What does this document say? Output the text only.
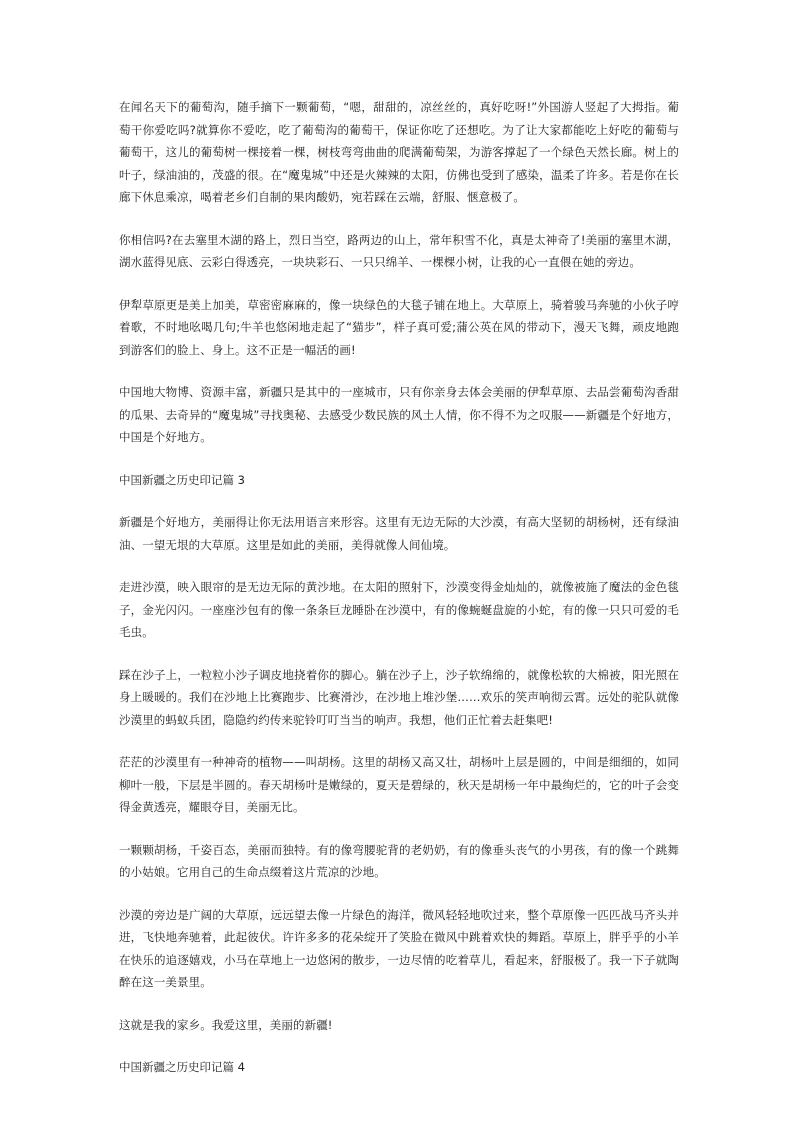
在闻名天下的葡萄沟，随手摘下一颗葡萄，“嗯，甜甜的，凉丝丝的，真好吃呀!”外国游人竖起了大拇指。葡萄干你爱吃吗?就算你不爱吃，吃了葡萄沟的葡萄干，保证你吃了还想吃。为了让大家都能吃上好吃的葡萄与葡萄干，这儿的葡萄树一棵接着一棵，树枝弯弯曲曲的爬满葡萄架，为游客撑起了一个绿色天然长廊。树上的叶子，绿油油的，茂盛的很。在“魔鬼城”中还是火辣辣的太阳，仿佛也受到了感染，温柔了许多。若是你在长廊下休息乘凉，喝着老乡们自制的果肉酸奶，宛若踩在云端，舒服、惬意极了。

你相信吗?在去塞里木湖的路上，烈日当空，路两边的山上，常年积雪不化，真是太神奇了!美丽的塞里木湖，湖水蓝得见底、云彩白得透亮，一块块彩石、一只只绵羊、一棵棵小树，让我的心一直偎在她的旁边。

伊犁草原更是美上加美，草密密麻麻的，像一块绿色的大毯子铺在地上。大草原上，骑着骏马奔驰的小伙子哼着歌，不时地吆喝几句;牛羊也悠闲地走起了“猫步”，样子真可爱;蒲公英在风的带动下，漫天飞舞，顽皮地跑到游客们的脸上、身上。这不正是一幅活的画!

中国地大物博、资源丰富，新疆只是其中的一座城市，只有你亲身去体会美丽的伊犁草原、去品尝葡萄沟香甜的瓜果、去奇异的“魔鬼城”寻找奥秘、去感受少数民族的风土人情，你不得不为之叹服——新疆是个好地方，中国是个好地方。

中国新疆之历史印记篇 3

新疆是个好地方，美丽得让你无法用语言来形容。这里有无边无际的大沙漠，有高大坚韧的胡杨树，还有绿油油、一望无垠的大草原。这里是如此的美丽，美得就像人间仙境。

走进沙漠，映入眼帘的是无边无际的黄沙地。在太阳的照射下，沙漠变得金灿灿的，就像被施了魔法的金色毯子，金光闪闪。一座座沙包有的像一条条巨龙睡卧在沙漠中，有的像蜿蜒盘旋的小蛇，有的像一只只可爱的毛毛虫。

踩在沙子上，一粒粒小沙子调皮地挠着你的脚心。躺在沙子上，沙子软绵绵的，就像松软的大棉被，阳光照在身上暖暖的。我们在沙地上比赛跑步、比赛滑沙，在沙地上堆沙堡……欢乐的笑声响彻云霄。远处的驼队就像沙漠里的蚂蚁兵团，隐隐约约传来驼铃叮叮当当的响声。我想，他们正忙着去赶集吧!

茫茫的沙漠里有一种神奇的植物——叫胡杨。这里的胡杨又高又壮，胡杨叶上层是圆的，中间是细细的，如同柳叶一般，下层是半圆的。春天胡杨叶是嫩绿的，夏天是碧绿的，秋天是胡杨一年中最绚烂的，它的叶子会变得金黄透亮，耀眼夺目，美丽无比。

一颗颗胡杨，千姿百态，美丽而独特。有的像弯腰驼背的老奶奶，有的像垂头丧气的小男孩，有的像一个跳舞的小姑娘。它用自己的生命点缀着这片荒凉的沙地。

沙漠的旁边是广阔的大草原，远远望去像一片绿色的海洋，微风轻轻地吹过来，整个草原像一匹匹战马齐头并进，飞快地奔驰着，此起彼伏。许许多多的花朵绽开了笑脸在微风中跳着欢快的舞蹈。草原上，胖乎乎的小羊在快乐的追逐嬉戏，小马在草地上一边悠闲的散步，一边尽情的吃着草儿，看起来，舒服极了。我一下子就陶醉在这一美景里。

这就是我的家乡。我爱这里，美丽的新疆!

中国新疆之历史印记篇 4
